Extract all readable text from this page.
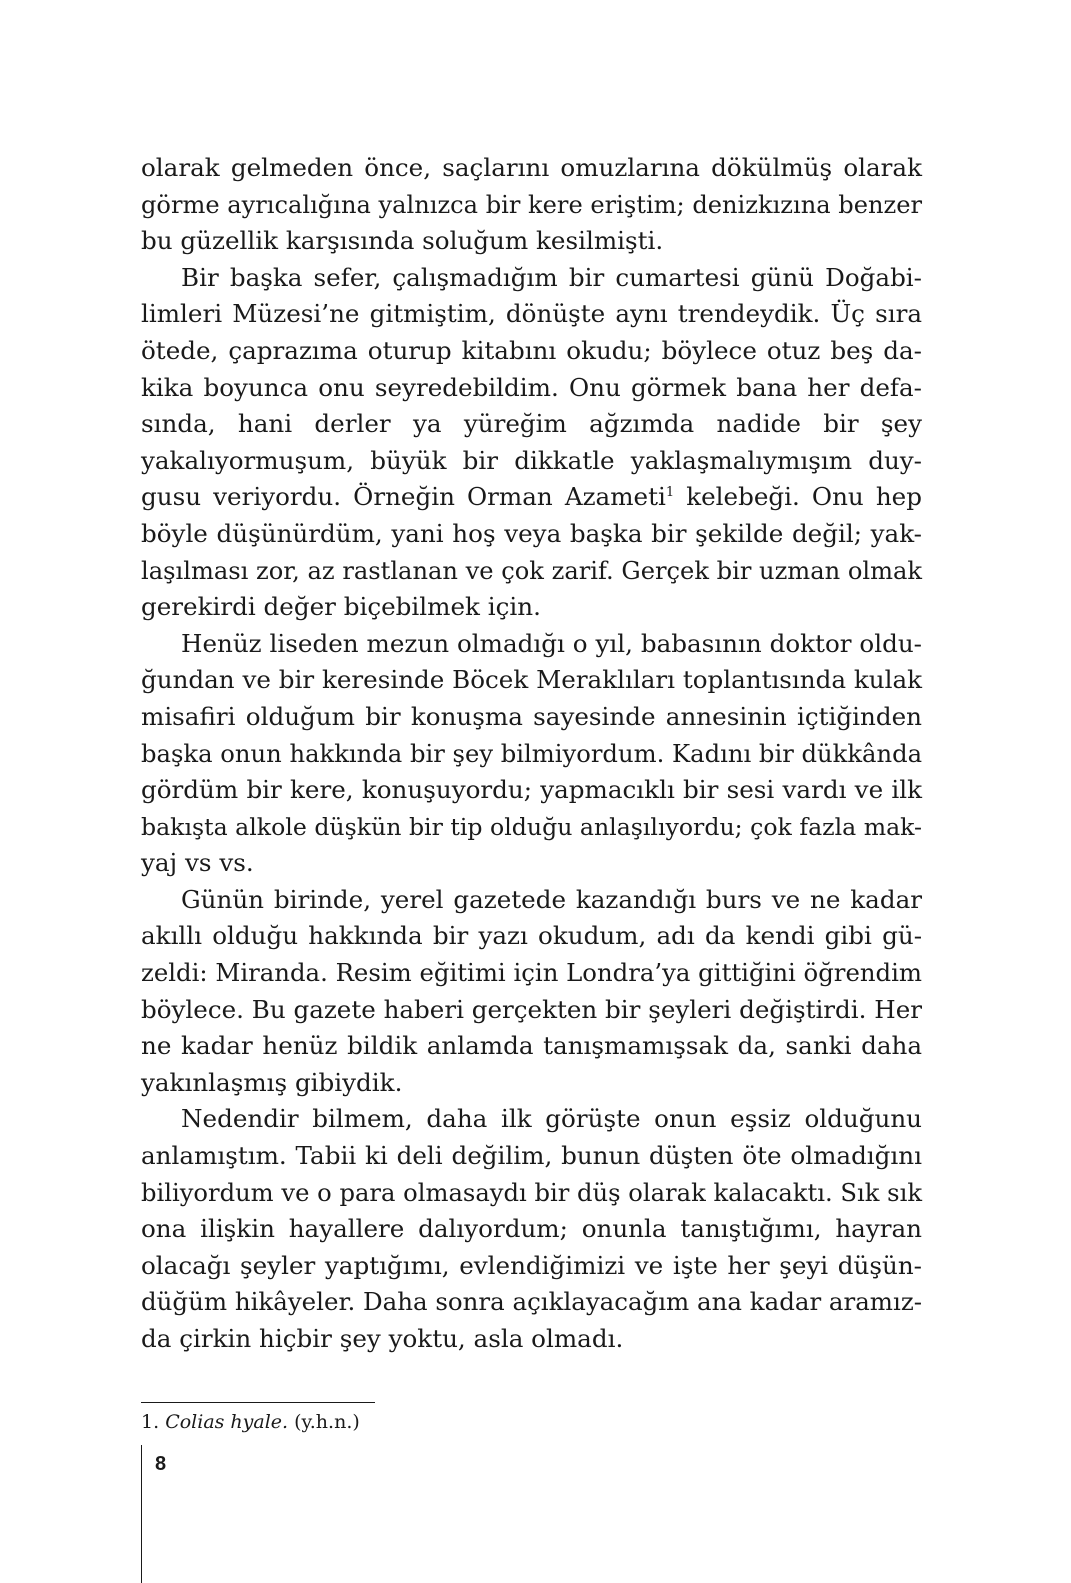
olarak gelmeden önce, saçlarını omuzlarına dökülmüş olarak
görme ayrıcalığına yalnızca bir kere eriştim; denizkızına benzer
bu güzellik karşısında soluğum kesilmişti.
Bir başka sefer, çalışmadığım bir cumartesi günü Doğabi-
limleri Müzesi’ne gitmiştim, dönüşte aynı trendeydik. Üç sıra
ötede, çaprazıma oturup kitabını okudu; böylece otuz beş da-
kika boyunca onu seyredebildim. Onu görmek bana her defa-
sında, hani derler ya yüreğim ağzımda nadide bir şey
yakalıyormuşum, büyük bir dikkatle yaklaşmalıymışım duy-
gusu veriyordu. Örneğin Orman Azameti$^1$ kelebeği. Onu hep
böyle düşünürdüm, yani hoş veya başka bir şekilde değil; yak-
laşılması zor, az rastlanan ve çok zarif. Gerçek bir uzman olmak
gerekirdi değer biçebilmek için.
Henüz liseden mezun olmadığı o yıl, babasının doktor oldu-
ğundan ve bir keresinde Böcek Meraklıları toplantısında kulak
misafiri olduğum bir konuşma sayesinde annesinin içtiğinden
başka onun hakkında bir şey bilmiyordum. Kadını bir dükkânda
gördüm bir kere, konuşuyordu; yapmacıklı bir sesi vardı ve ilk
bakışta alkole düşkün bir tip olduğu anlaşılıyordu; çok fazla mak-
yaj vs vs.
Günün birinde, yerel gazetede kazandığı burs ve ne kadar
akıllı olduğu hakkında bir yazı okudum, adı da kendi gibi gü-
zeldi: Miranda. Resim eğitimi için Londra’ya gittiğini öğrendim
böylece. Bu gazete haberi gerçekten bir şeyleri değiştirdi. Her
ne kadar henüz bildik anlamda tanışmamışsak da, sanki daha
yakınlaşmış gibiydik.
Nedendir bilmem, daha ilk görüşte onun eşsiz olduğunu
anlamıştım. Tabii ki deli değilim, bunun düşten öte olmadığını
biliyordum ve o para olmasaydı bir düş olarak kalacaktı. Sık sık
ona ilişkin hayallere dalıyordum; onunla tanıştığımı, hayran
olacağı şeyler yaptığımı, evlendiğimizi ve işte her şeyi düşün-
düğüm hikâyeler. Daha sonra açıklayacağım ana kadar aramız-
da çirkin hiçbir şey yoktu, asla olmadı.
1. Colias hyale. (y.h.n.)
8
